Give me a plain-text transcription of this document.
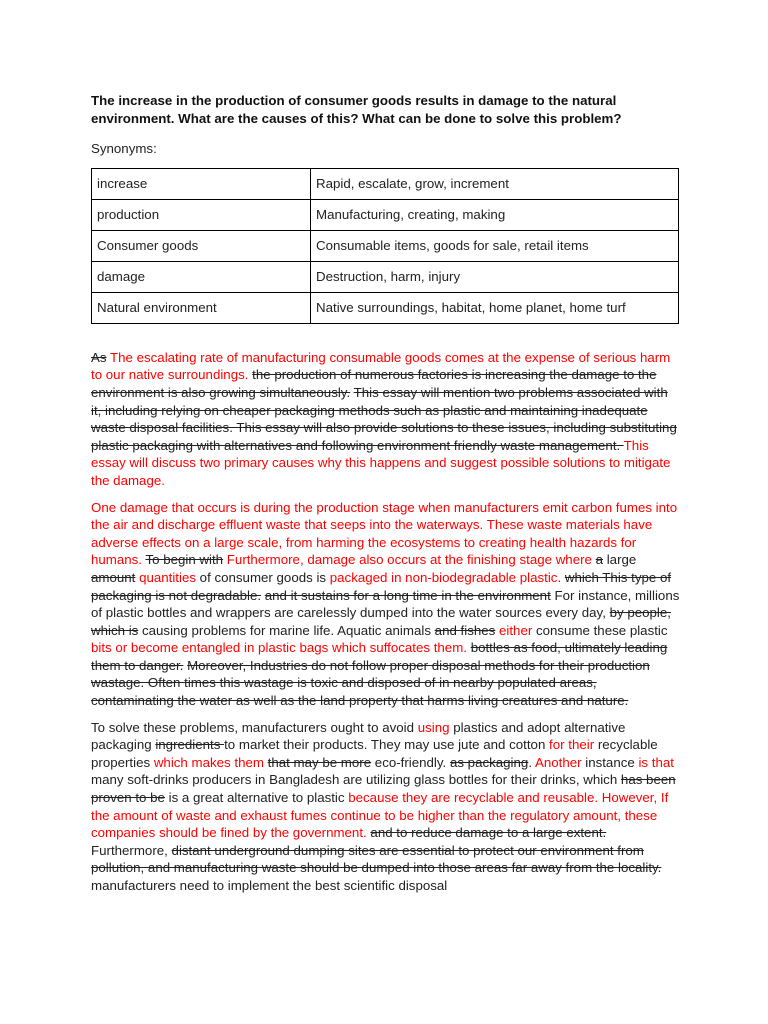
The increase in the production of consumer goods results in damage to the natural environment. What are the causes of this? What can be done to solve this problem?

Synonyms:

increase	Rapid, escalate, grow, increment
production	Manufacturing, creating, making
Consumer goods	Consumable items, goods for sale, retail items
damage	Destruction, harm, injury
Natural environment	Native surroundings, habitat, home planet, home turf

As The escalating rate of manufacturing consumable goods comes at the expense of serious harm to our native surroundings. the production of numerous factories is increasing the damage to the environment is also growing simultaneously. This essay will mention two problems associated with it, including relying on cheaper packaging methods such as plastic and maintaining inadequate waste disposal facilities. This essay will also provide solutions to these issues, including substituting plastic packaging with alternatives and following environment friendly waste management. This essay will discuss two primary causes why this happens and suggest possible solutions to mitigate the damage.

One damage that occurs is during the production stage when manufacturers emit carbon fumes into the air and discharge effluent waste that seeps into the waterways. These waste materials have adverse effects on a large scale, from harming the ecosystems to creating health hazards for humans. To begin with Furthermore, damage also occurs at the finishing stage where a large amount quantities of consumer goods is packaged in non-biodegradable plastic. which This type of packaging is not degradable. and it sustains for a long time in the environment For instance, millions of plastic bottles and wrappers are carelessly dumped into the water sources every day, by people, which is causing problems for marine life. Aquatic animals and fishes either consume these plastic bits or become entangled in plastic bags which suffocates them. bottles as food, ultimately leading them to danger. Moreover, Industries do not follow proper disposal methods for their production wastage. Often times this wastage is toxic and disposed of in nearby populated areas, contaminating the water as well as the land property that harms living creatures and nature.

To solve these problems, manufacturers ought to avoid using plastics and adopt alternative packaging ingredients to market their products. They may use jute and cotton for their recyclable properties which makes them that may be more eco-friendly. as packaging. Another instance is that many soft-drinks producers in Bangladesh are utilizing glass bottles for their drinks, which has been proven to be is a great alternative to plastic because they are recyclable and reusable. However, If the amount of waste and exhaust fumes continue to be higher than the regulatory amount, these companies should be fined by the government. and to reduce damage to a large extent. Furthermore, distant underground dumping sites are essential to protect our environment from pollution, and manufacturing waste should be dumped into those areas far away from the locality. manufacturers need to implement the best scientific disposal
